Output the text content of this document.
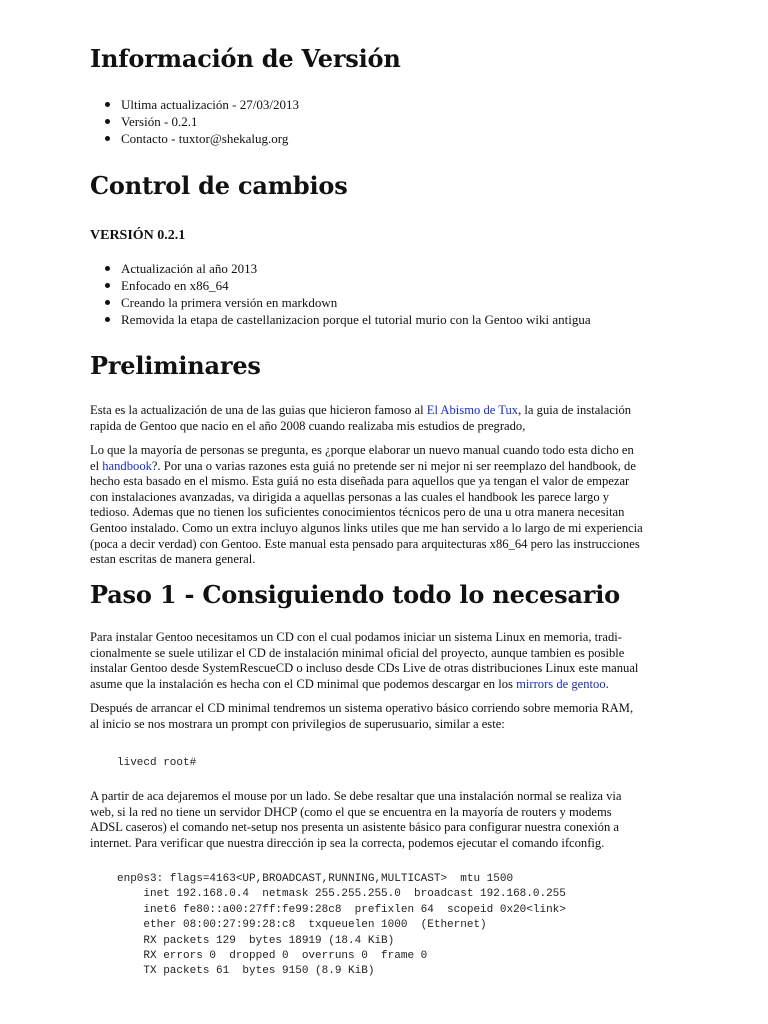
Información de Versión
Ultima actualización - 27/03/2013
Versión - 0.2.1
Contacto - tuxtor@shekalug.org
Control de cambios
VERSIÓN 0.2.1
Actualización al año 2013
Enfocado en x86_64
Creando la primera versión en markdown
Removida la etapa de castellanizacion porque el tutorial murio con la Gentoo wiki antigua
Preliminares
Esta es la actualización de una de las guias que hicieron famoso al El Abismo de Tux, la guia de instalación
rapida de Gentoo que nacio en el año 2008 cuando realizaba mis estudios de pregrado,
Lo que la mayoría de personas se pregunta, es ¿porque elaborar un nuevo manual cuando todo esta dicho en
el handbook?. Por una o varias razones esta guiá no pretende ser ni mejor ni ser reemplazo del handbook, de
hecho esta basado en el mismo. Esta guiá no esta diseñada para aquellos que ya tengan el valor de empezar
con instalaciones avanzadas, va dirigida a aquellas personas a las cuales el handbook les parece largo y
tedioso. Ademas que no tienen los suficientes conocimientos técnicos pero de una u otra manera necesitan
Gentoo instalado. Como un extra incluyo algunos links utiles que me han servido a lo largo de mi experiencia
(poca a decir verdad) con Gentoo. Este manual esta pensado para arquitecturas x86_64 pero las instrucciones
estan escritas de manera general.
Paso 1 - Consiguiendo todo lo necesario
Para instalar Gentoo necesitamos un CD con el cual podamos iniciar un sistema Linux en memoria, tradi-
cionalmente se suele utilizar el CD de instalación minimal oficial del proyecto, aunque tambien es posible
instalar Gentoo desde SystemRescueCD o incluso desde CDs Live de otras distribuciones Linux este manual
asume que la instalación es hecha con el CD minimal que podemos descargar en los mirrors de gentoo.
Después de arrancar el CD minimal tendremos un sistema operativo básico corriendo sobre memoria RAM,
al inicio se nos mostrara un prompt con privilegios de superusuario, similar a este:
livecd root#
A partir de aca dejaremos el mouse por un lado. Se debe resaltar que una instalación normal se realiza via
web, si la red no tiene un servidor DHCP (como el que se encuentra en la mayoría de routers y modems
ADSL caseros) el comando net-setup nos presenta un asistente básico para configurar nuestra conexión a
internet. Para verificar que nuestra dirección ip sea la correcta, podemos ejecutar el comando ifconfig.
enp0s3: flags=4163<UP,BROADCAST,RUNNING,MULTICAST>  mtu 1500
inet 192.168.0.4  netmask 255.255.255.0  broadcast 192.168.0.255
inet6 fe80::a00:27ff:fe99:28c8  prefixlen 64  scopeid 0x20<link>
ether 08:00:27:99:28:c8  txqueuelen 1000  (Ethernet)
RX packets 129  bytes 18919 (18.4 KiB)
RX errors 0  dropped 0  overruns 0  frame 0
TX packets 61  bytes 9150 (8.9 KiB)
